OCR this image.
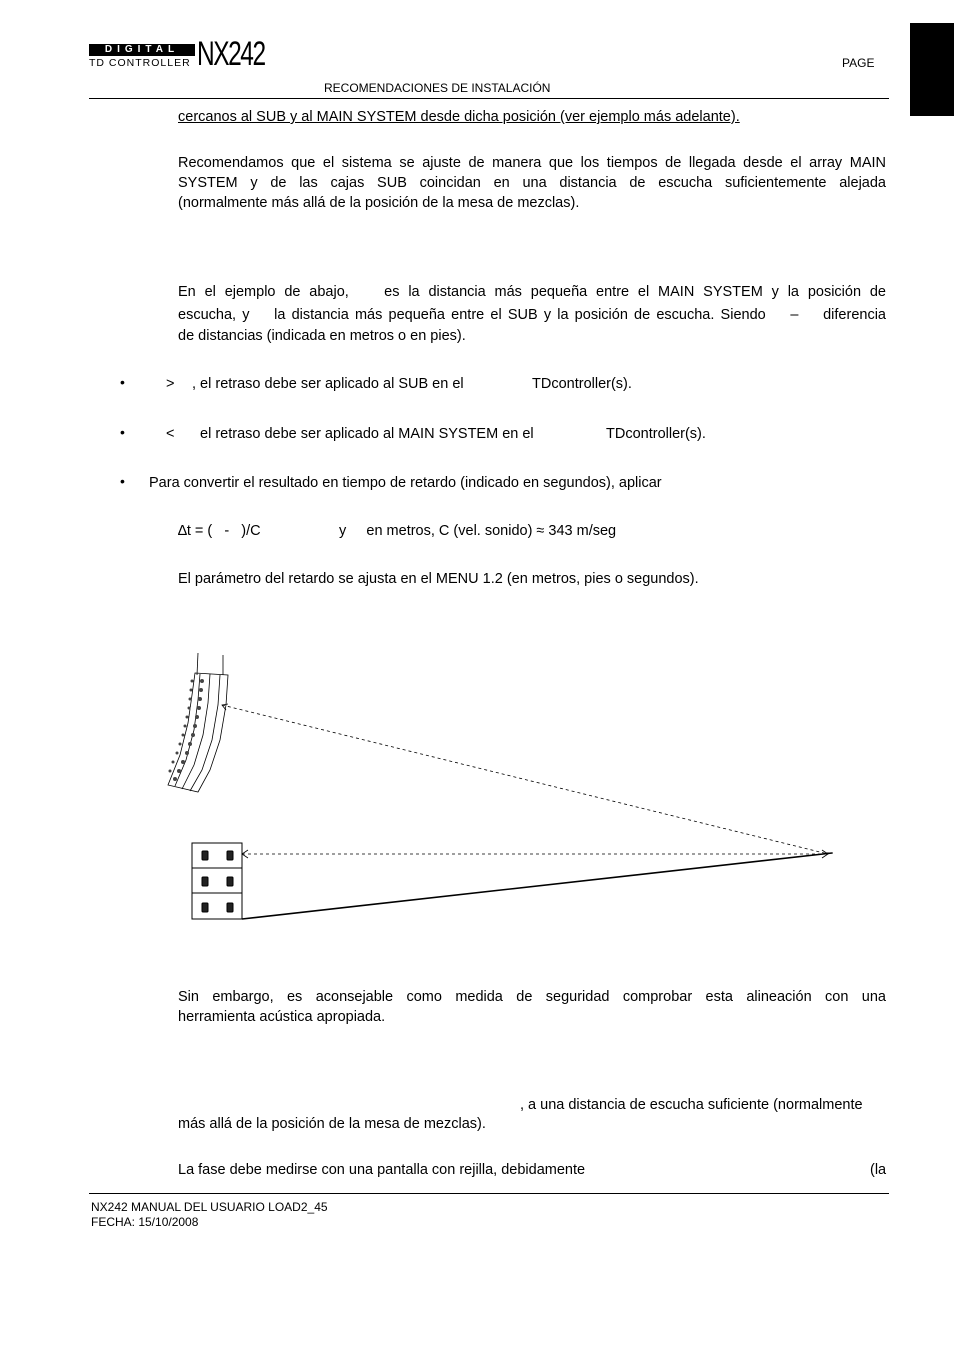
DIGITAL
TD CONTROLLER NX242	PAGE
RECOMENDACIONES DE INSTALACIÓN
cercanos al SUB y al MAIN SYSTEM desde dicha posición (ver ejemplo más adelante).
Recomendamos que el sistema se ajuste de manera que los tiempos de llegada desde el array MAIN
SYSTEM y de las cajas SUB coincidan en una distancia de escucha suficientemente alejada
(normalmente más allá de la posición de la mesa de mezclas).
En el ejemplo de abajo,    es la distancia más pequeña entre el MAIN SYSTEM y la posición de
escucha, y    la distancia más pequeña entre el SUB y la posición de escucha. Siendo    –    diferencia
de distancias (indicada en metros o en pies).
•	> , el retraso debe ser aplicado al SUB en el	TDcontroller(s).
•	< el retraso debe ser aplicado al MAIN SYSTEM en el	TDcontroller(s).
• Para convertir el resultado en tiempo de retardo (indicado en segundos), aplicar
∆t = (   -   )/C	y     en metros, C (vel. sonido) ≈ 343 m/seg
El parámetro del retardo se ajusta en el MENU 1.2 (en metros, pies o segundos).
Sin embargo, es aconsejable como medida de seguridad comprobar esta alineación con una
herramienta acústica apropiada.
, a una distancia de escucha suficiente (normalmente
más allá de la posición de la mesa de mezclas).
La fase debe medirse con una pantalla con rejilla, debidamente	(la
NX242 MANUAL DEL USUARIO LOAD2_45
FECHA: 15/10/2008
